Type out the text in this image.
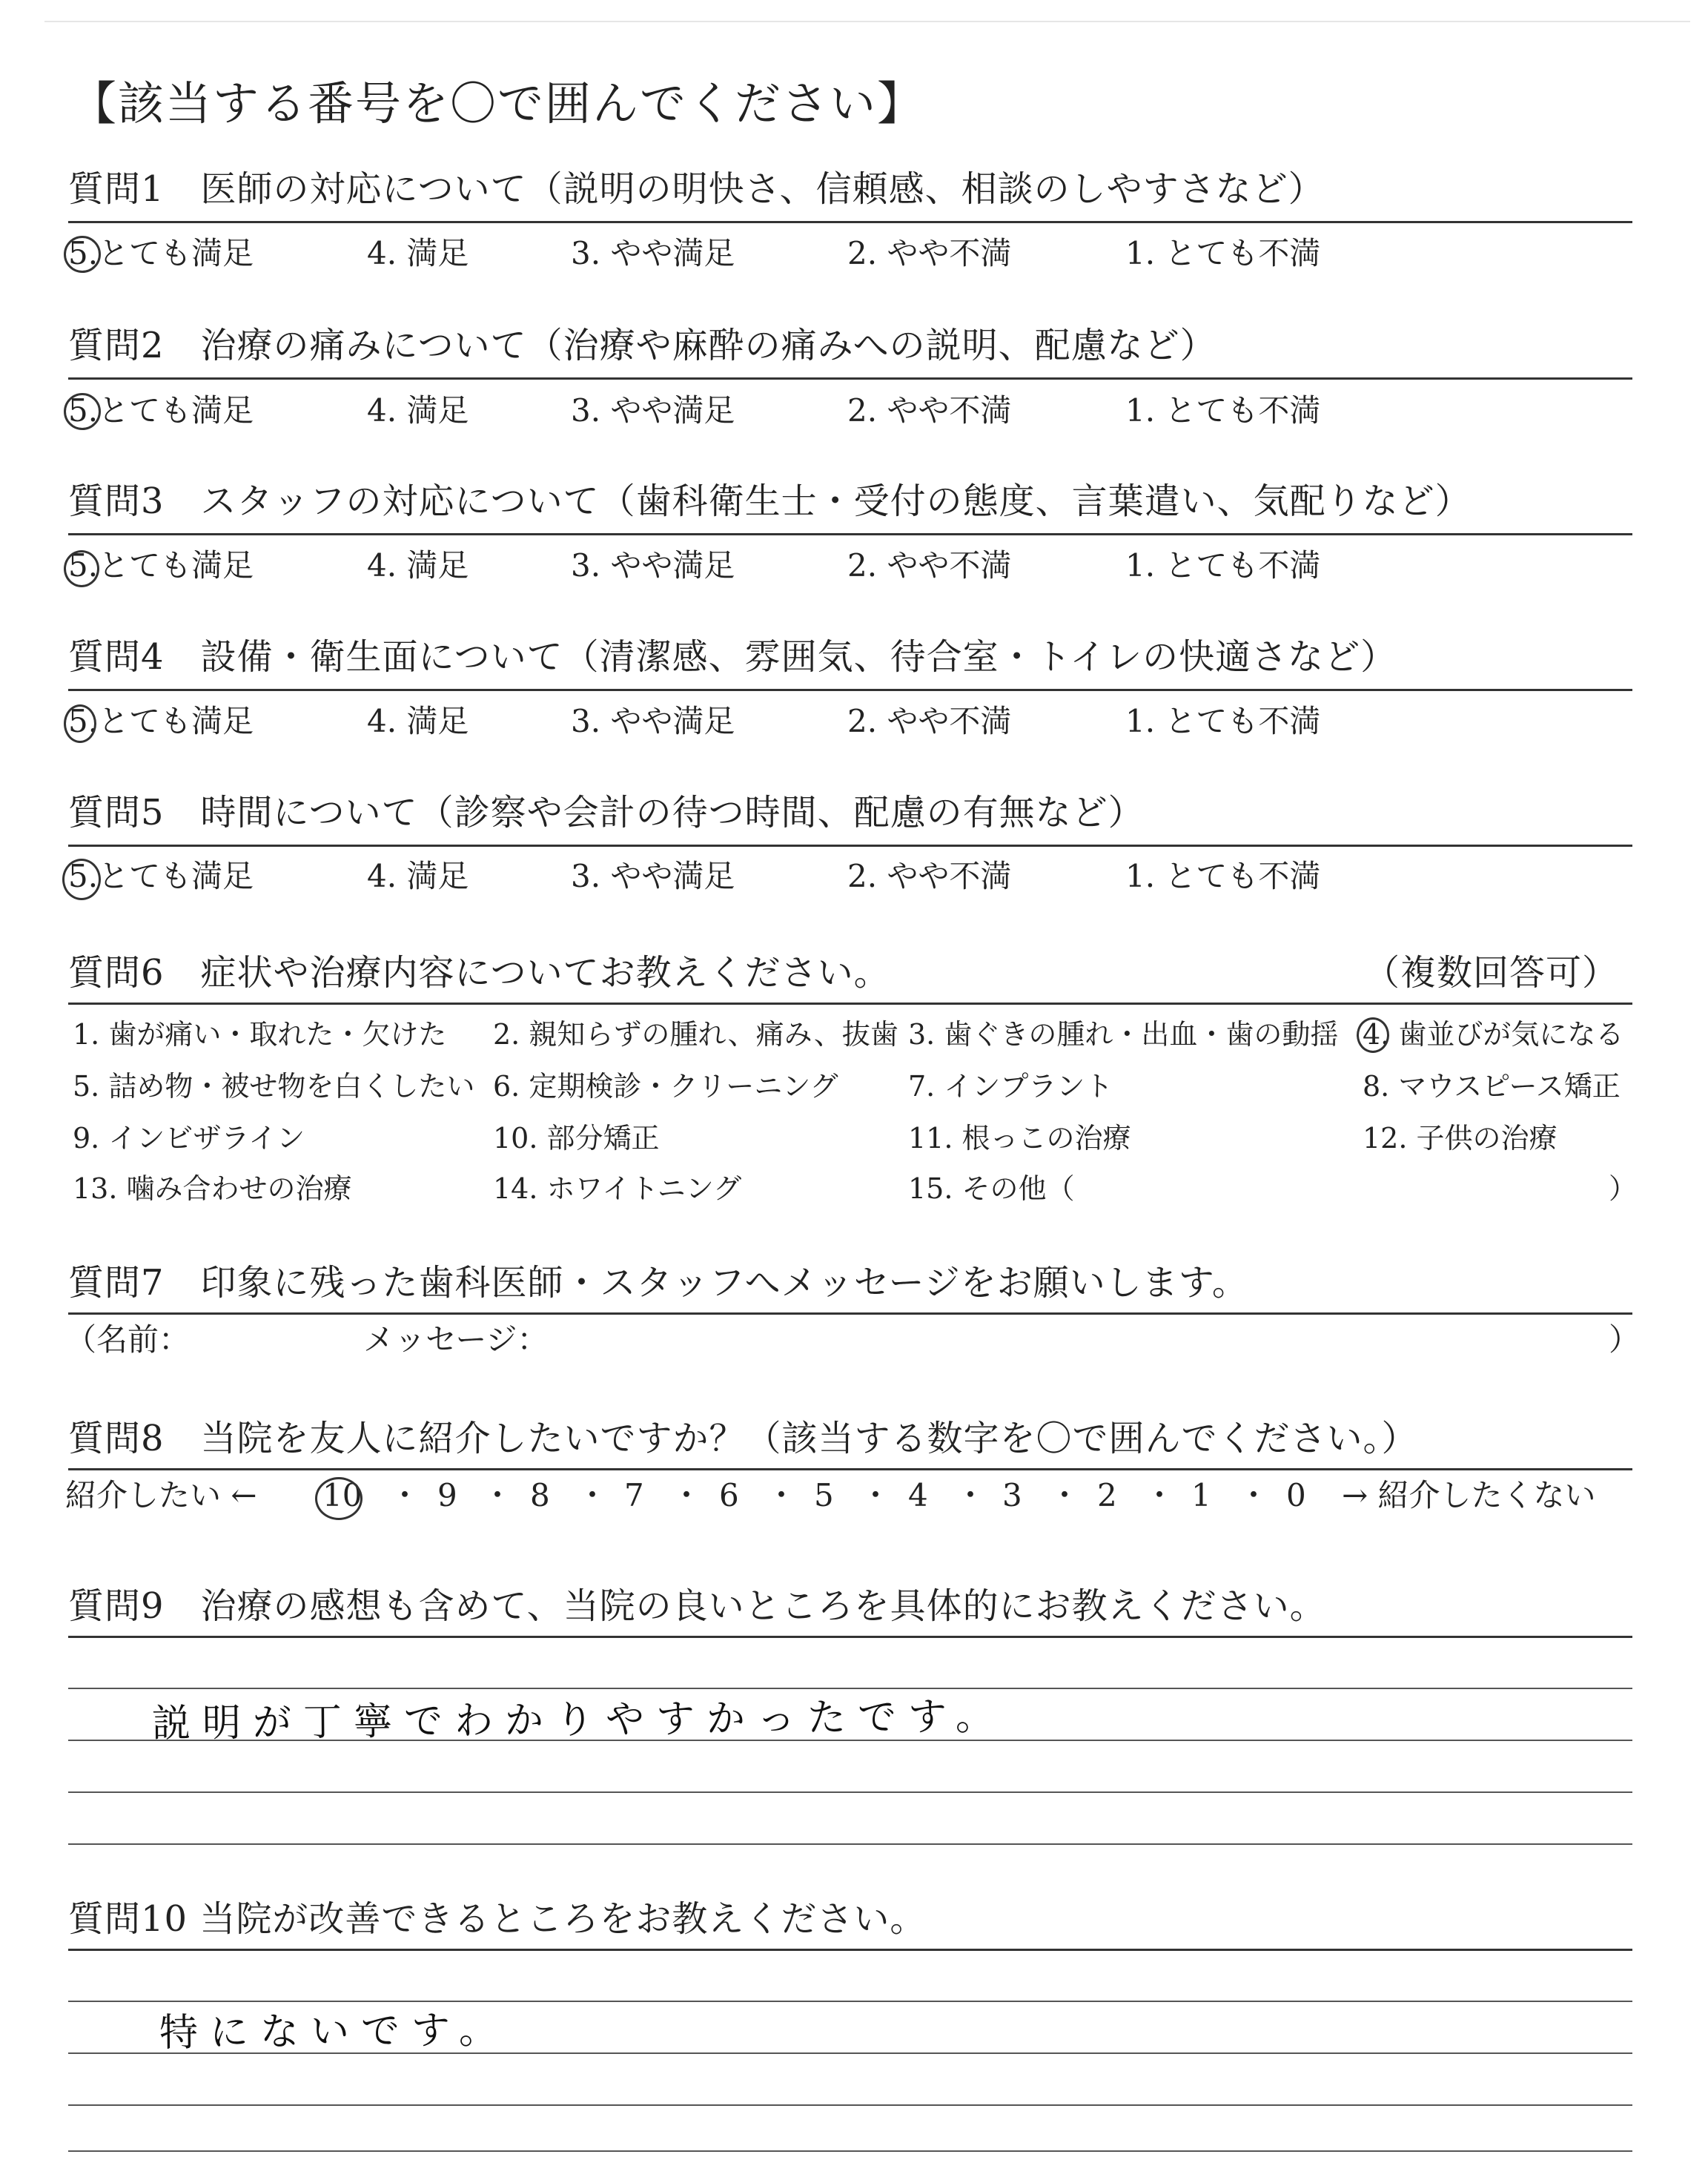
【該当する番号を〇で囲んでください】
質問1　医師の対応について（説明の明快さ、信頼感、相談のしやすさなど）
5.とても満足	4. 満足	3. やや満足	2. やや不満	1. とても不満
質問2　治療の痛みについて（治療や麻酔の痛みへの説明、配慮など）
5.とても満足	4. 満足	3. やや満足	2. やや不満	1. とても不満
質問3　スタッフの対応について（歯科衛生士・受付の態度、言葉遣い、気配りなど）
5.とても満足	4. 満足	3. やや満足	2. やや不満	1. とても不満
質問4　設備・衛生面について（清潔感、雰囲気、待合室・トイレの快適さなど）
5.とても満足	4. 満足	3. やや満足	2. やや不満	1. とても不満
質問5　時間について（診察や会計の待つ時間、配慮の有無など）
5.とても満足	4. 満足	3. やや満足	2. やや不満	1. とても不満
質問6　症状や治療内容についてお教えください。	（複数回答可）
1. 歯が痛い・取れた・欠けた 2. 親知らずの腫れ、痛み、抜歯 3. 歯ぐきの腫れ・出血・歯の動揺 4. 歯並びが気になる
5. 詰め物・被せ物を白くしたい 6. 定期検診・クリーニング 7. インプラント	8. マウスピース矯正
9. インビザライン	10. 部分矯正	11. 根っこの治療	12. 子供の治療
13. 噛み合わせの治療	14. ホワイトニング	15. その他（	）
質問7　印象に残った歯科医師・スタッフへメッセージをお願いします。
（名前：	メッセージ：	）
質問8　当院を友人に紹介したいですか？（該当する数字を〇で囲んでください。）
紹介したい ← 10 ・ 9 ・ 8 ・ 7 ・ 6 ・ 5 ・ 4 ・ 3 ・ 2 ・ 1 ・ 0 → 紹介したくない
質問9　治療の感想も含めて、当院の良いところを具体的にお教えください。
説明が丁寧でわかりやすかったです。
質問10 当院が改善できるところをお教えください。
特にないです。
